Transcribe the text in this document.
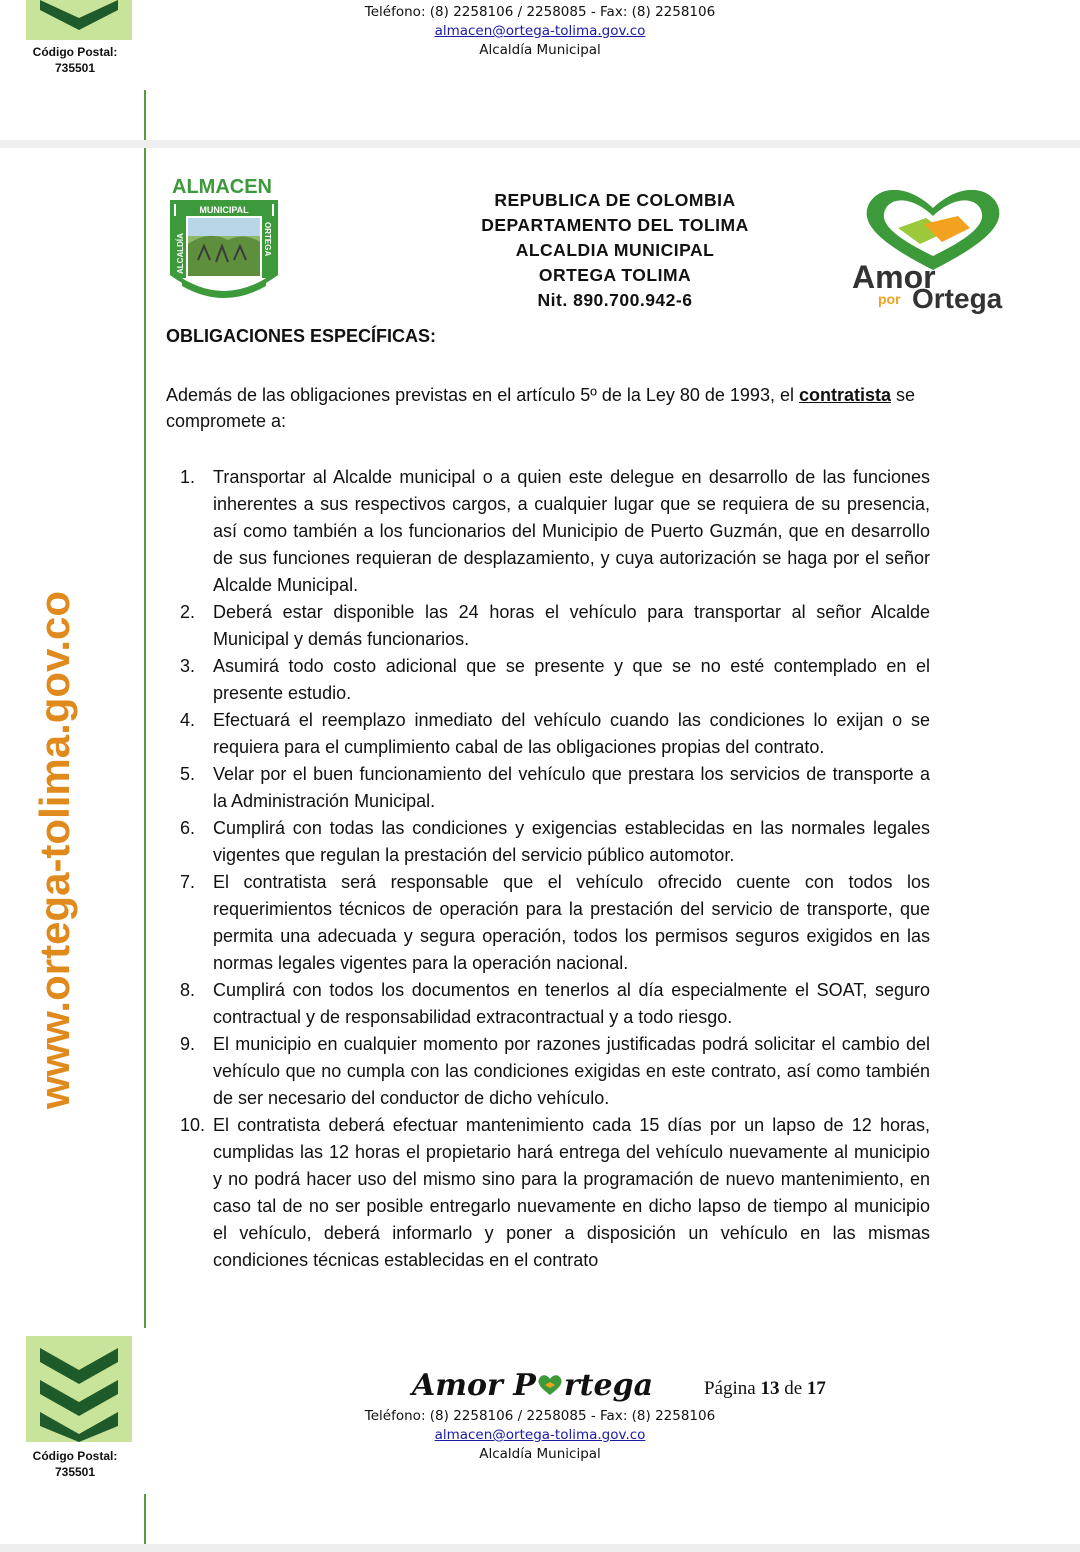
Código Postal:
735501
Teléfono: (8) 2258106 / 2258085 - Fax: (8) 2258106
almacen@ortega-tolima.gov.co
Alcaldía Municipal
www.ortega-tolima.gov.co
ALMACEN
MUNICIPAL
ALCALDÍA	ORTEGA
REPUBLICA DE COLOMBIA
DEPARTAMENTO DEL TOLIMA
ALCALDIA MUNICIPAL
ORTEGA TOLIMA
Nit. 890.700.942-6
Amor
por Ortega
OBLIGACIONES ESPECÍFICAS:
Además de las obligaciones previstas en el artículo 5º de la Ley 80 de 1993, el contratista se compromete a:
1. Transportar al Alcalde municipal o a quien este delegue en desarrollo de las funciones inherentes a sus respectivos cargos, a cualquier lugar que se requiera de su presencia, así como también a los funcionarios del Municipio de Puerto Guzmán, que en desarrollo de sus funciones requieran de desplazamiento, y cuya autorización se haga por el señor Alcalde Municipal.
2. Deberá estar disponible las 24 horas el vehículo para transportar al señor Alcalde Municipal y demás funcionarios.
3. Asumirá todo costo adicional que se presente y que se no esté contemplado en el presente estudio.
4. Efectuará el reemplazo inmediato del vehículo cuando las condiciones lo exijan o se requiera para el cumplimiento cabal de las obligaciones propias del contrato.
5. Velar por el buen funcionamiento del vehículo que prestara los servicios de transporte a la Administración Municipal.
6. Cumplirá con todas las condiciones y exigencias establecidas en las normales legales vigentes que regulan la prestación del servicio público automotor.
7. El contratista será responsable que el vehículo ofrecido cuente con todos los requerimientos técnicos de operación para la prestación del servicio de transporte, que permita una adecuada y segura operación, todos los permisos seguros exigidos en las normas legales vigentes para la operación nacional.
8. Cumplirá con todos los documentos en tenerlos al día especialmente el SOAT, seguro contractual y de responsabilidad extracontractual y a todo riesgo.
9. El municipio en cualquier momento por razones justificadas podrá solicitar el cambio del vehículo que no cumpla con las condiciones exigidas en este contrato, así como también de ser necesario del conductor de dicho vehículo.
10. El contratista deberá efectuar mantenimiento cada 15 días por un lapso de 12 horas, cumplidas las 12 horas el propietario hará entrega del vehículo nuevamente al municipio y no podrá hacer uso del mismo sino para la programación de nuevo mantenimiento, en caso tal de no ser posible entregarlo nuevamente en dicho lapso de tiempo al municipio el vehículo, deberá informarlo y poner a disposición un vehículo en las mismas condiciones técnicas establecidas en el contrato
Código Postal:
735501
Amor P rtega	Página 13 de 17
Teléfono: (8) 2258106 / 2258085 - Fax: (8) 2258106
almacen@ortega-tolima.gov.co
Alcaldía Municipal
